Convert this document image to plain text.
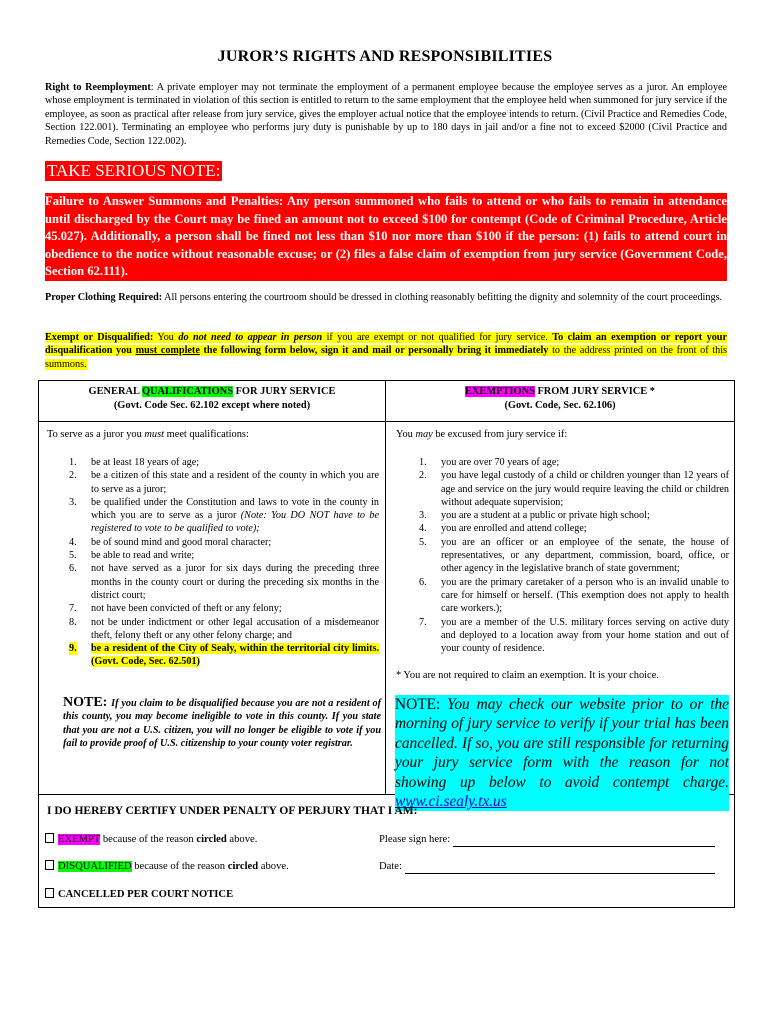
JUROR’S RIGHTS AND RESPONSIBILITIES
Right to Reemployment: A private employer may not terminate the employment of a permanent employee because the employee serves as a juror. An employee whose employment is terminated in violation of this section is entitled to return to the same employment that the employee held when summoned for jury service if the employee, as soon as practical after release from jury service, gives the employer actual notice that the employee intends to return. (Civil Practice and Remedies Code, Section 122.001). Terminating an employee who performs jury duty is punishable by up to 180 days in jail and/or a fine not to exceed $2000 (Civil Practice and Remedies Code, Section 122.002).
TAKE SERIOUS NOTE:
Failure to Answer Summons and Penalties: Any person summoned who fails to attend or who fails to remain in attendance until discharged by the Court may be fined an amount not to exceed $100 for contempt (Code of Criminal Procedure, Article 45.027). Additionally, a person shall be fined not less than $10 nor more than $100 if the person: (1) fails to attend court in obedience to the notice without reasonable excuse; or (2) files a false claim of exemption from jury service (Government Code, Section 62.111).
Proper Clothing Required: All persons entering the courtroom should be dressed in clothing reasonably befitting the dignity and solemnity of the court proceedings.
Exempt or Disqualified: You do not need to appear in person if you are exempt or not qualified for jury service. To claim an exemption or report your disqualification you must complete the following form below, sign it and mail or personally bring it immediately to the address printed on the front of this summons.
GENERAL QUALIFICATIONS FOR JURY SERVICE
(Govt. Code Sec. 62.102 except where noted)
EXEMPTIONS FROM JURY SERVICE *
(Govt. Code, Sec. 62.106)
To serve as a juror you must meet qualifications:	You may be excused from jury service if:
1. be at least 18 years of age;
2. be a citizen of this state and a resident of the county in which you are to serve as a juror;
3. be qualified under the Constitution and laws to vote in the county in which you are to serve as a juror (Note: You DO NOT have to be registered to vote to be qualified to vote);
4. be of sound mind and good moral character;
5. be able to read and write;
6. not have served as a juror for six days during the preceding three months in the county court or during the preceding six months in the district court;
7. not have been convicted of theft or any felony;
8. not be under indictment or other legal accusation of a misdemeanor theft, felony theft or any other felony charge; and
9. be a resident of the City of Sealy, within the territorial city limits. (Govt. Code, Sec. 62.501)
1. you are over 70 years of age;
2. you have legal custody of a child or children younger than 12 years of age and service on the jury would require leaving the child or children without adequate supervision;
3. you are a student at a public or private high school;
4. you are enrolled and attend college;
5. you are an officer or an employee of the senate, the house of representatives, or any department, commission, board, office, or other agency in the legislative branch of state government;
6. you are the primary caretaker of a person who is an invalid unable to care for himself or herself. (This exemption does not apply to health care workers.);
7. you are a member of the U.S. military forces serving on active duty and deployed to a location away from your home station and out of your county of residence.
* You are not required to claim an exemption. It is your choice.
NOTE: If you claim to be disqualified because you are not a resident of this county, you may become ineligible to vote in this county. If you state that you are not a U.S. citizen, you will no longer be eligible to vote if you fail to provide proof of U.S. citizenship to your county voter registrar.
NOTE: You may check our website prior to or the morning of jury service to verify if your trial has been cancelled. If so, you are still responsible for returning your jury service form with the reason for not showing up below to avoid contempt charge. www.ci.sealy.tx.us
I DO HEREBY CERTIFY UNDER PENALTY OF PERJURY THAT I AM:
EXEMPT because of the reason circled above.	Please sign here:
DISQUALIFIED because of the reason circled above.	Date:
CANCELLED PER COURT NOTICE
